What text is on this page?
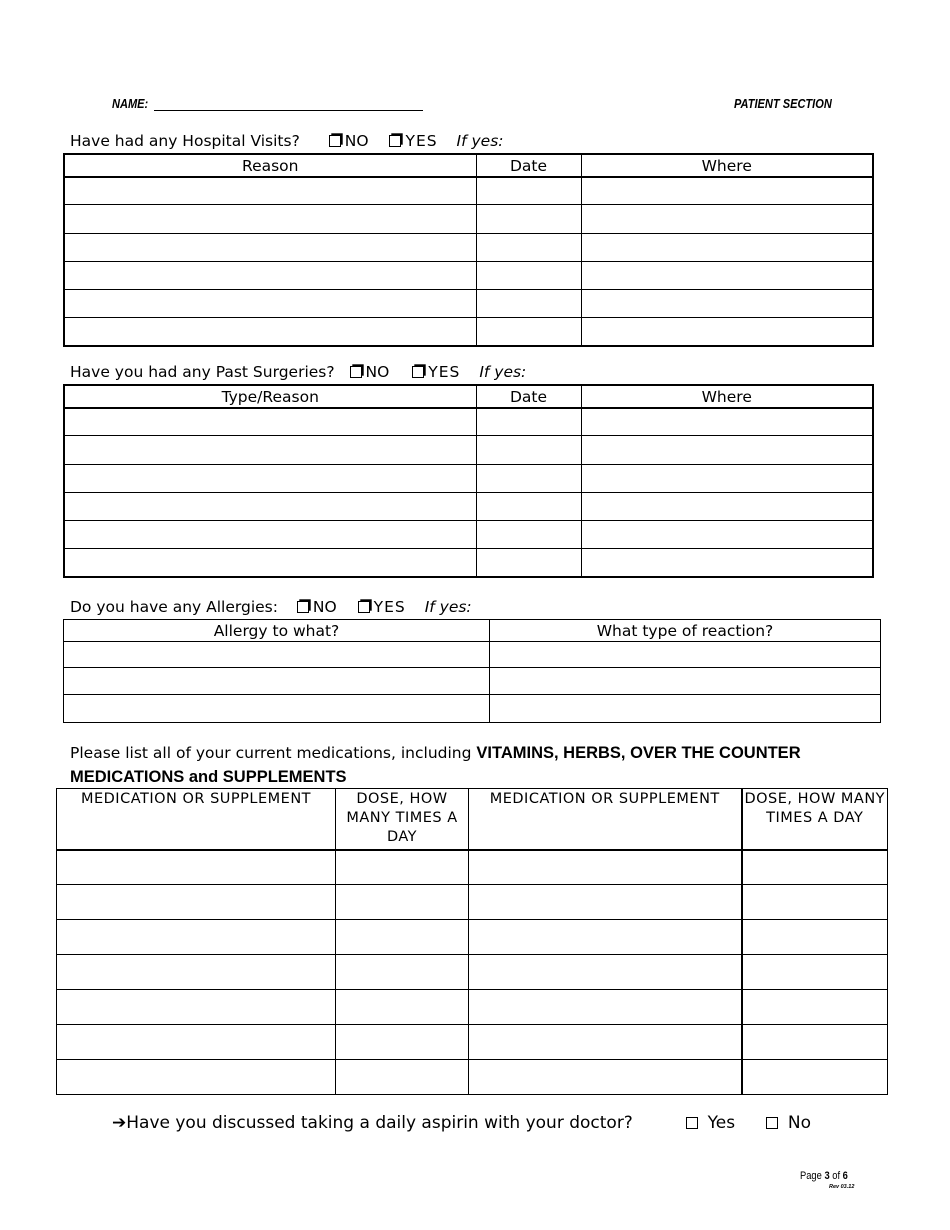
NAME:	PATIENT SECTION
Have had any Hospital Visits?	NO YES If yes:
Reason	Date	Where

Have you had any Past Surgeries? NO	YES If yes:
Type/Reason	Date	Where

Do you have any Allergies: NO YES If yes:
Allergy to what?	What type of reaction?

Please list all of your current medications, including VITAMINS, HERBS, OVER THE COUNTER MEDICATIONS and SUPPLEMENTS
MEDICATION OR SUPPLEMENT	DOSE, HOW MANY TIMES A DAY	MEDICATION OR SUPPLEMENT	DOSE, HOW MANY TIMES A DAY

➔Have you discussed taking a daily aspirin with your doctor?	Yes	No
Page 3 of 6
Rev 03.12
